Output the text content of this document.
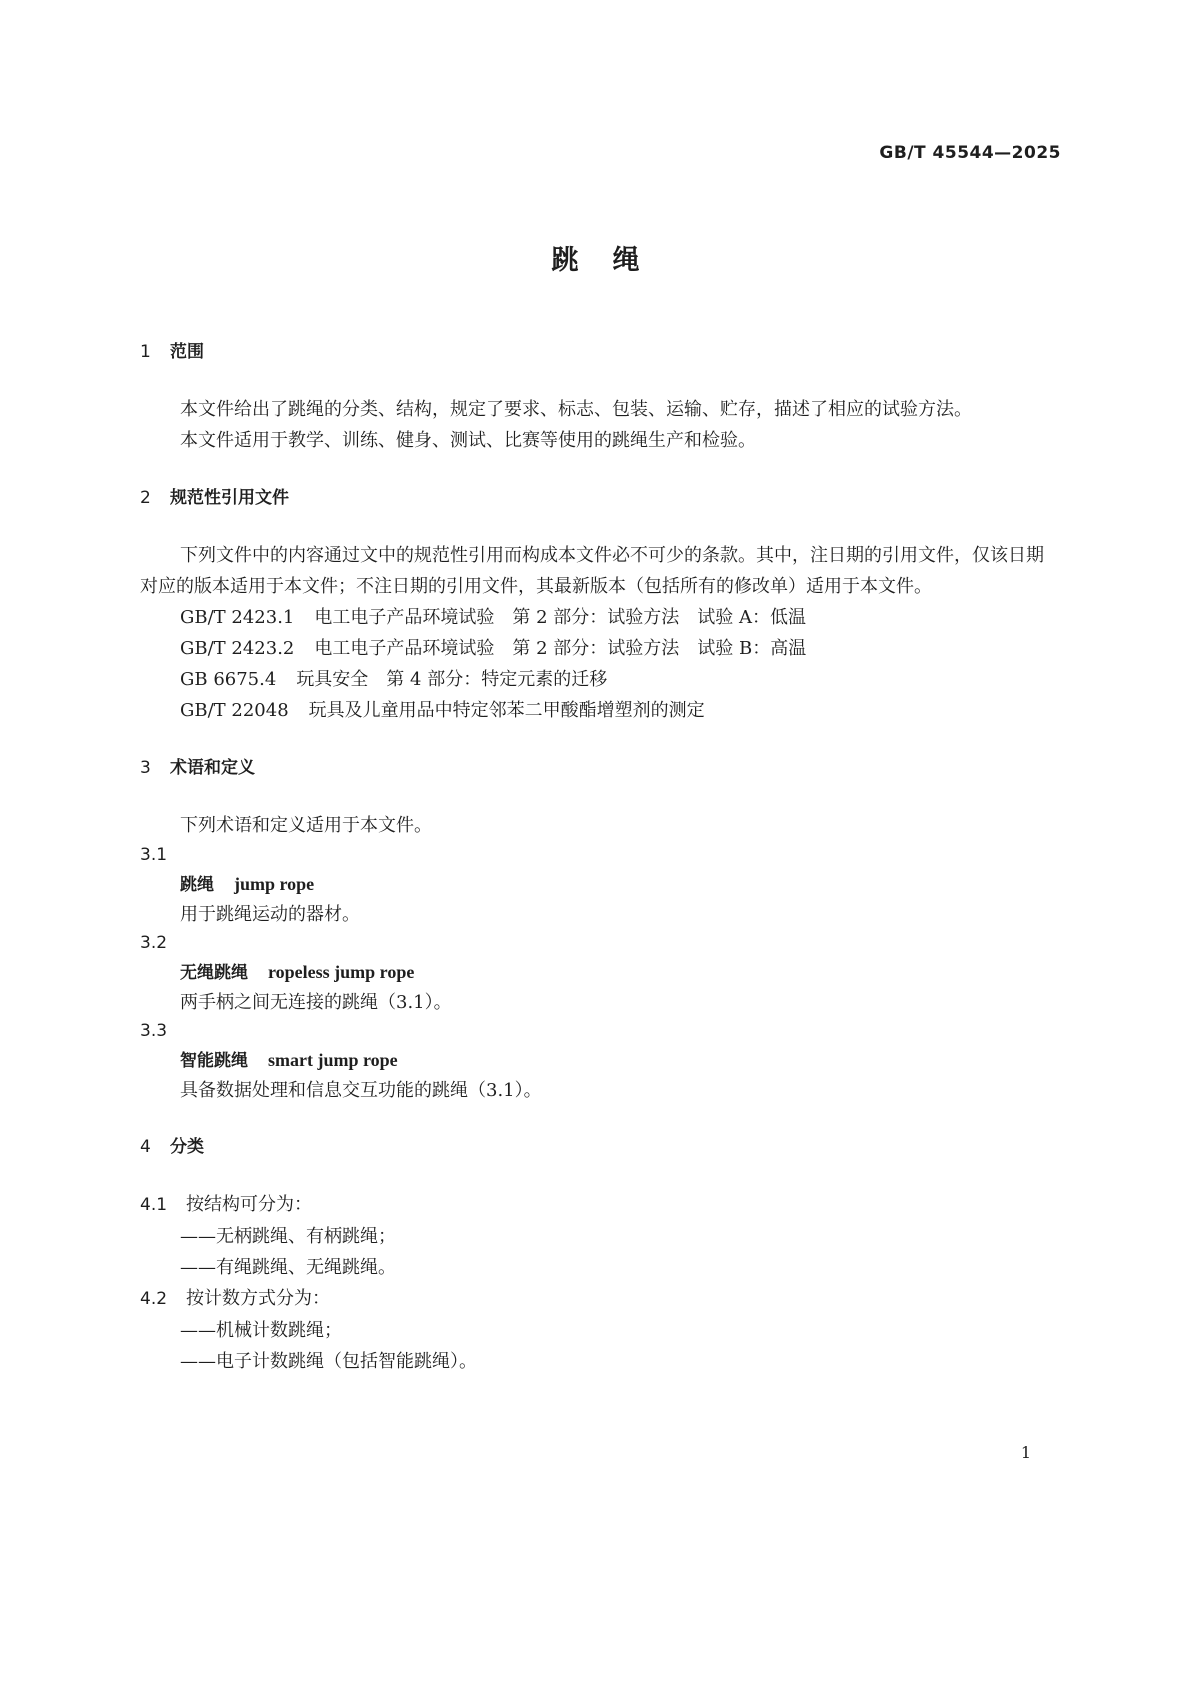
GB/T 45544—2025
跳绳
1 范围
本文件给出了跳绳的分类、结构，规定了要求、标志、包装、运输、贮存，描述了相应的试验方法。
本文件适用于教学、训练、健身、测试、比赛等使用的跳绳生产和检验。
2 规范性引用文件
下列文件中的内容通过文中的规范性引用而构成本文件必不可少的条款。其中，注日期的引用文件，仅该日期对应的版本适用于本文件；不注日期的引用文件，其最新版本（包括所有的修改单）适用于本文件。
GB/T 2423.1 电工电子产品环境试验　第 2 部分：试验方法　试验 A：低温
GB/T 2423.2 电工电子产品环境试验　第 2 部分：试验方法　试验 B：高温
GB 6675.4 玩具安全　第 4 部分：特定元素的迁移
GB/T 22048 玩具及儿童用品中特定邻苯二甲酸酯增塑剂的测定
3 术语和定义
下列术语和定义适用于本文件。
3.1
跳绳 jump rope
用于跳绳运动的器材。
3.2
无绳跳绳 ropeless jump rope
两手柄之间无连接的跳绳（3.1）。
3.3
智能跳绳 smart jump rope
具备数据处理和信息交互功能的跳绳（3.1）。
4 分类
4.1 按结构可分为：
——无柄跳绳、有柄跳绳；
——有绳跳绳、无绳跳绳。
4.2 按计数方式分为：
——机械计数跳绳；
——电子计数跳绳（包括智能跳绳）。
1
